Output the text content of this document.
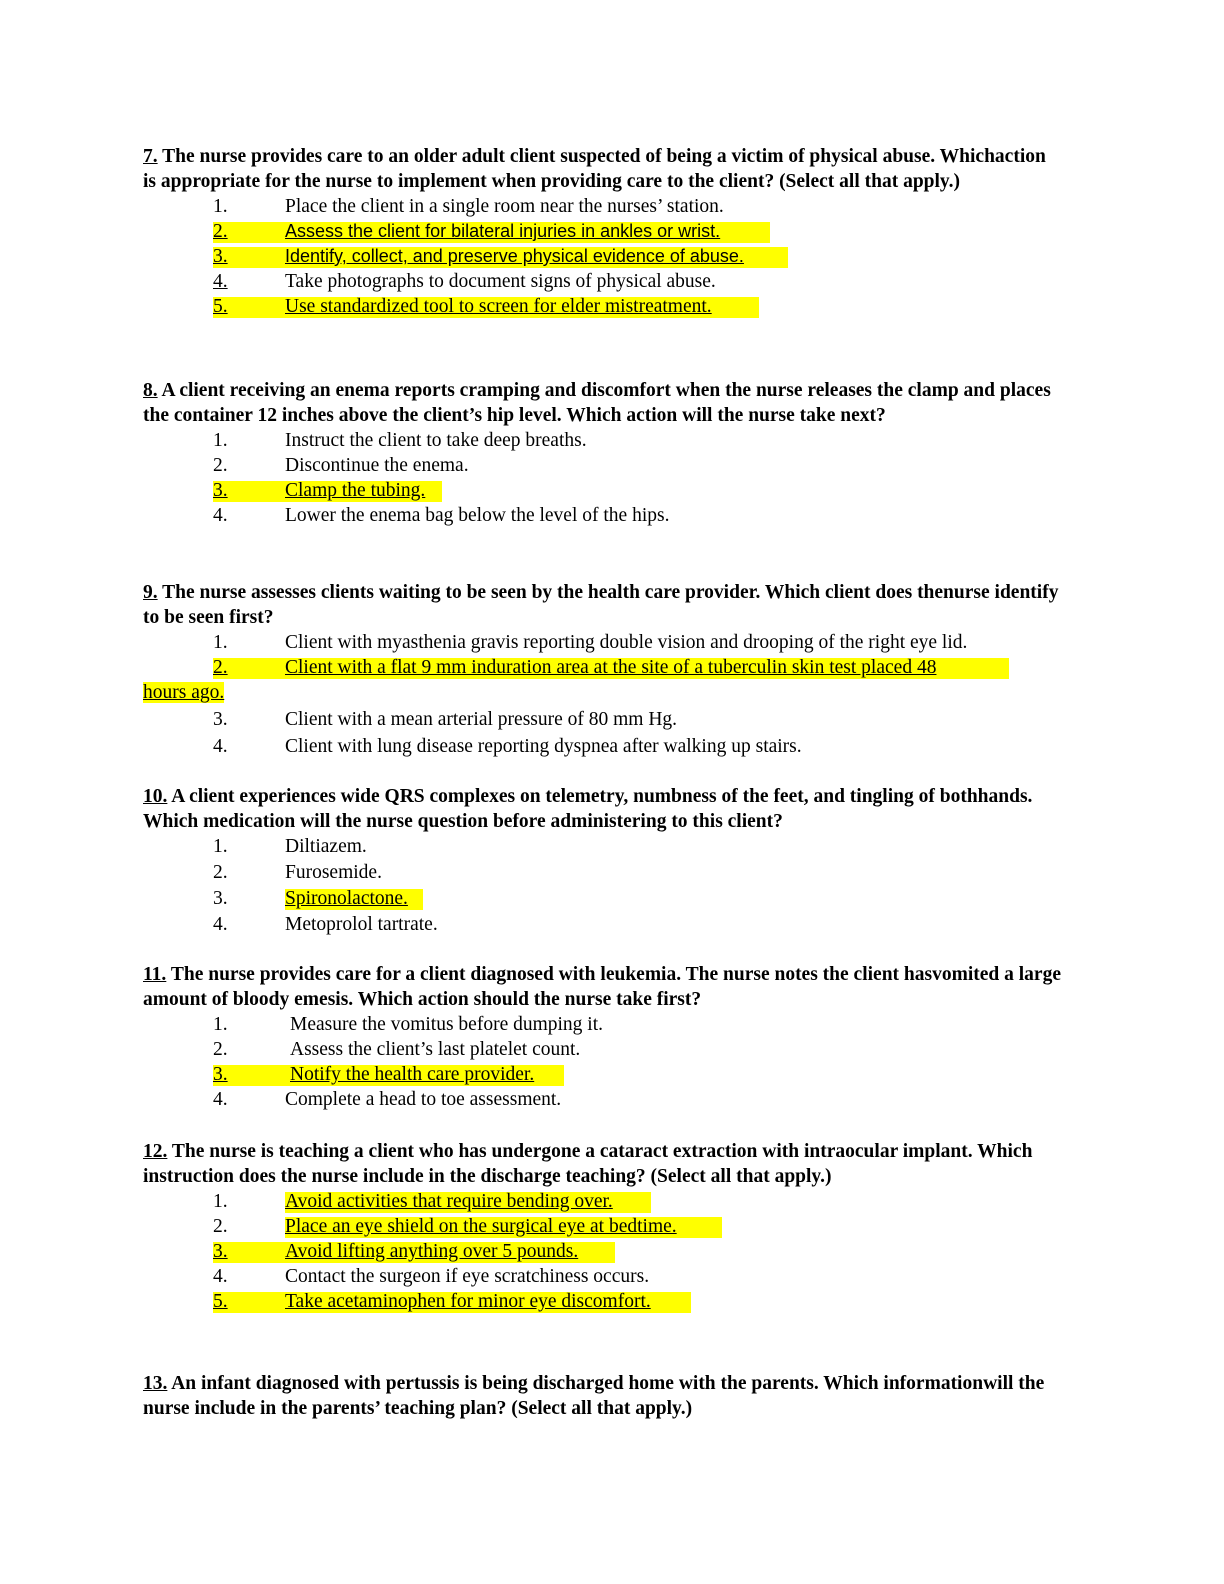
7. The nurse provides care to an older adult client suspected of being a victim of physical abuse. Whichaction is appropriate for the nurse to implement when providing care to the client? (Select all that apply.)

1.	Place the client in a single room near the nurses’ station.
2.	Assess the client for bilateral injuries in ankles or wrist.
3.	Identify, collect, and preserve physical evidence of abuse.
4.	Take photographs to document signs of physical abuse.
5.	Use standardized tool to screen for elder mistreatment.

8. A client receiving an enema reports cramping and discomfort when the nurse releases the clamp and places the container 12 inches above the client’s hip level. Which action will the nurse take next?

1.	Instruct the client to take deep breaths.
2.	Discontinue the enema.
3.	Clamp the tubing.
4.	Lower the enema bag below the level of the hips.

9. The nurse assesses clients waiting to be seen by the health care provider. Which client does thenurse identify to be seen first?

1.	Client with myasthenia gravis reporting double vision and drooping of the right eye lid.
2.	Client with a flat 9 mm induration area at the site of a tuberculin skin test placed 48
hours ago.
3.	Client with a mean arterial pressure of 80 mm Hg.
4.	Client with lung disease reporting dyspnea after walking up stairs.

10. A client experiences wide QRS complexes on telemetry, numbness of the feet, and tingling of bothhands. Which medication will the nurse question before administering to this client?

1.	Diltiazem.
2.	Furosemide.
3.	Spironolactone.
4.	Metoprolol tartrate.

11. The nurse provides care for a client diagnosed with leukemia. The nurse notes the client hasvomited a large amount of bloody emesis. Which action should the nurse take first?

1.	Measure the vomitus before dumping it.
2.	Assess the client’s last platelet count.
3.	Notify the health care provider.
4.	Complete a head to toe assessment.

12. The nurse is teaching a client who has undergone a cataract extraction with intraocular implant. Which instruction does the nurse include in the discharge teaching? (Select all that apply.)

1.	Avoid activities that require bending over.
2.	Place an eye shield on the surgical eye at bedtime.
3.	Avoid lifting anything over 5 pounds.
4.	Contact the surgeon if eye scratchiness occurs.
5.	Take acetaminophen for minor eye discomfort.

13. An infant diagnosed with pertussis is being discharged home with the parents. Which informationwill the nurse include in the parents’ teaching plan? (Select all that apply.)
